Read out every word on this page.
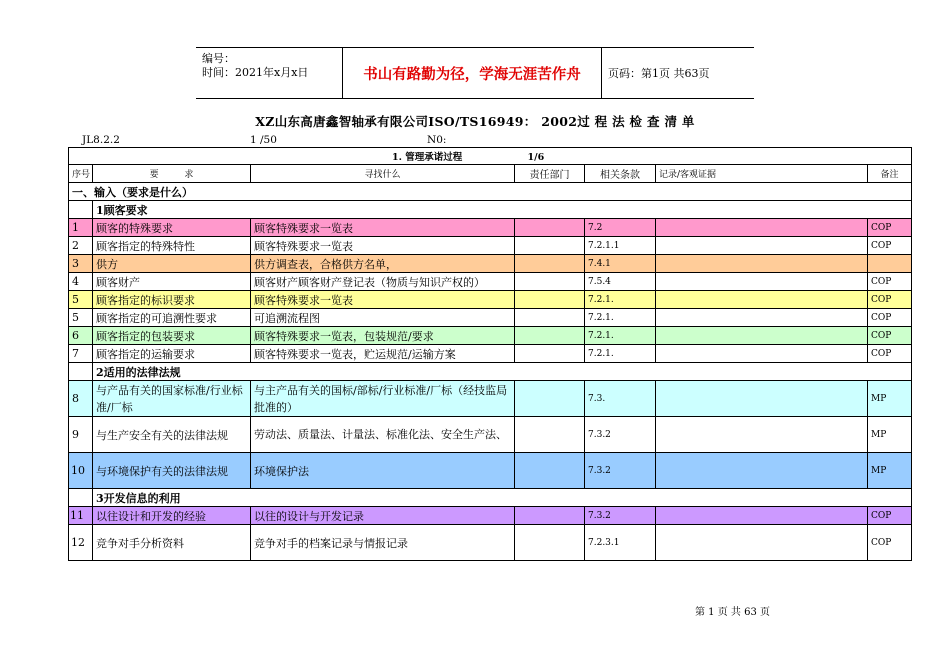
编号：
时间：2021年x月x日	书山有路勤为径，学海无涯苦作舟	页码：第1页 共63页
XZ山东高唐鑫智轴承有限公司ISO/TS16949： 2002过 程 法 检 查 清 单
JL8.2.2	1 /50	N0:
1. 管理承诺过程 1/6						
序号	要         求	寻找什么	责任部门	相关条款	记录/客观证据	备注
一、输入（要求是什么）						
	1顾客要求					
1	顾客的特殊要求	顾客特殊要求一览表		7.2		COP
2	顾客指定的特殊特性	顾客特殊要求一览表		7.2.1.1		COP
3	供方	供方调查表，合格供方名单，		7.4.1		
4	顾客财产	顾客财产顾客财产登记表（物质与知识产权的）		7.5.4		COP
5	顾客指定的标识要求	顾客特殊要求一览表		7.2.1.		COP
5	顾客指定的可追溯性要求	可追溯流程图		7.2.1.		COP
6	顾客指定的包装要求	顾客特殊要求一览表，包装规范/要求		7.2.1.		COP
7	顾客指定的运输要求	顾客特殊要求一览表，贮运规范/运输方案		7.2.1.		COP
	2适用的法律法规					
8	与产品有关的国家标准/行业标准/厂标	与主产品有关的国标/部标/行业标准/厂标（经技监局批准的）		7.3.		MP
9	与生产安全有关的法律法规	劳动法、质量法、计量法、标准化法、安全生产法、		7.3.2		MP
10	与环境保护有关的法律法规	环境保护法		7.3.2		MP
	3开发信息的利用					
11	以往设计和开发的经验	以往的设计与开发记录		7.3.2		COP
12	竞争对手分析资料	竞争对手的档案记录与情报记录		7.2.3.1		COP
第 1 页 共 63 页
